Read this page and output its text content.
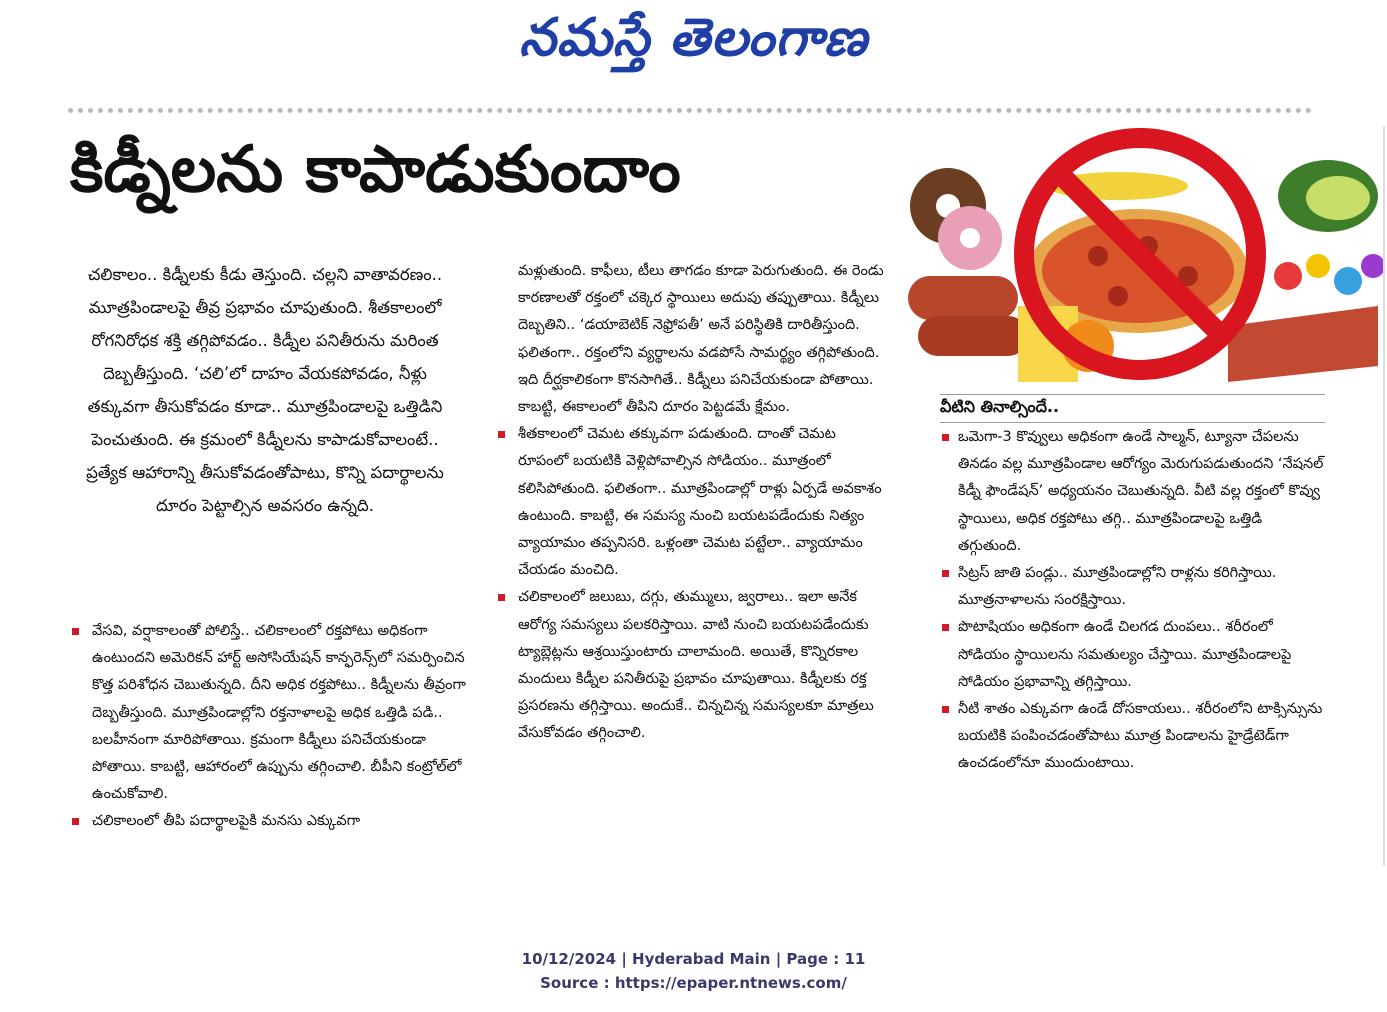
నమస్తే తెలంగాణ
కిడ్నీలను కాపాడుకుందాం
చలికాలం.. కిడ్నీలకు కీడు తెస్తుంది. చల్లని వాతావరణం.. మూత్రపిండాలపై తీవ్ర ప్రభావం చూపుతుంది. శీతకాలంలో రోగనిరోధక శక్తి తగ్గిపోవడం.. కిడ్నీల పనితీరును మరింత దెబ్బతీస్తుంది. ‘చలి’లో దాహం వేయకపోవడం, నీళ్లు తక్కువగా తీసుకోవడం కూడా.. మూత్రపిండాలపై ఒత్తిడిని పెంచుతుంది. ఈ క్రమంలో కిడ్నీలను కాపాడుకోవాలంటే.. ప్రత్యేక ఆహారాన్ని తీసుకోవడంతోపాటు, కొన్ని పదార్థాలను దూరం పెట్టాల్సిన అవసరం ఉన్నది.

వేసవి, వర్షాకాలంతో పోలిస్తే.. చలికాలంలో రక్తపోటు అధికంగా ఉంటుందని అమెరికన్ హార్ట్ అసోసియేషన్ కాన్ఫరెన్స్‌లో సమర్పించిన కొత్త పరిశోధన చెబుతున్నది. దీని అధిక రక్తపోటు.. కిడ్నీలను తీవ్రంగా దెబ్బతీస్తుంది. మూత్రపిండాల్లోని రక్తనాళాలపై అధిక ఒత్తిడి పడి.. బలహీనంగా మారిపోతాయి. క్రమంగా కిడ్నీలు పనిచేయకుండా పోతాయి. కాబట్టి, ఆహారంలో ఉప్పును తగ్గించాలి. బీపీని కంట్రోల్‌లో ఉంచుకోవాలి.

చలికాలంలో తీపి పదార్థాలపైకి మనసు ఎక్కువగా

మళ్లుతుంది. కాఫీలు, టీలు తాగడం కూడా పెరుగుతుంది. ఈ రెండు కారణాలతో రక్తంలో చక్కెర స్థాయిలు అదుపు తప్పుతాయి. కిడ్నీలు దెబ్బతిని.. ‘డయాబెటిక్ నెఫ్రోపతీ’ అనే పరిస్థితికి దారితీస్తుంది. ఫలితంగా.. రక్తంలోని వ్యర్థాలను వడపోసే సామర్థ్యం తగ్గిపోతుంది. ఇది దీర్ఘకాలికంగా కొనసాగితే.. కిడ్నీలు పనిచేయకుండా పోతాయి. కాబట్టి, ఈకాలంలో తీపిని దూరం పెట్టడమే క్షేమం.

శీతకాలంలో చెమట తక్కువగా పడుతుంది. దాంతో చెమట రూపంలో బయటికి వెళ్లిపోవాల్సిన సోడియం.. మూత్రంలో కలిసిపోతుంది. ఫలితంగా.. మూత్రపిండాల్లో రాళ్లు ఏర్పడే అవకాశం ఉంటుంది. కాబట్టి, ఈ సమస్య నుంచి బయటపడేందుకు నిత్యం వ్యాయామం తప్పనిసరి. ఒళ్లంతా చెమట పట్టేలా.. వ్యాయామం చేయడం మంచిది.

చలికాలంలో జలుబు, దగ్గు, తుమ్ములు, జ్వరాలు.. ఇలా అనేక ఆరోగ్య సమస్యలు పలకరిస్తాయి. వాటి నుంచి బయటపడేందుకు ట్యాబ్లెట్లను ఆశ్రయిస్తుంటారు చాలామంది. అయితే, కొన్నిరకాల మందులు కిడ్నీల పనితీరుపై ప్రభావం చూపుతాయి. కిడ్నీలకు రక్త ప్రసరణను తగ్గిస్తాయి. అందుకే.. చిన్నచిన్న సమస్యలకూ మాత్రలు వేసుకోవడం తగ్గించాలి.

వీటిని తినాల్సిందే..

ఒమెగా-3 కొవ్వులు అధికంగా ఉండే సాల్మన్, ట్యూనా చేపలను తినడం వల్ల మూత్రపిండాల ఆరోగ్యం మెరుగుపడుతుందని ‘నేషనల్ కిడ్నీ ఫౌండేషన్’ అధ్యయనం చెబుతున్నది. వీటి వల్ల రక్తంలో కొవ్వు స్థాయిలు, అధిక రక్తపోటు తగ్గి.. మూత్రపిండాలపై ఒత్తిడి తగ్గుతుంది.

సిట్రస్ జాతి పండ్లు.. మూత్రపిండాల్లోని రాళ్లను కరిగిస్తాయి. మూత్రనాళాలను సంరక్షిస్తాయి.

పొటాషియం అధికంగా ఉండే చిలగడ దుంపలు.. శరీరంలో సోడియం స్థాయిలను సమతుల్యం చేస్తాయి. మూత్రపిండాలపై సోడియం ప్రభావాన్ని తగ్గిస్తాయి.

నీటి శాతం ఎక్కువగా ఉండే దోసకాయలు.. శరీరంలోని టాక్సిన్సును బయటికి పంపించడంతోపాటు మూత్ర పిండాలను హైడ్రేటెడ్‌గా ఉంచడంలోనూ ముందుంటాయి.

10/12/2024 | Hyderabad Main | Page : 11
Source : https://epaper.ntnews.com/
